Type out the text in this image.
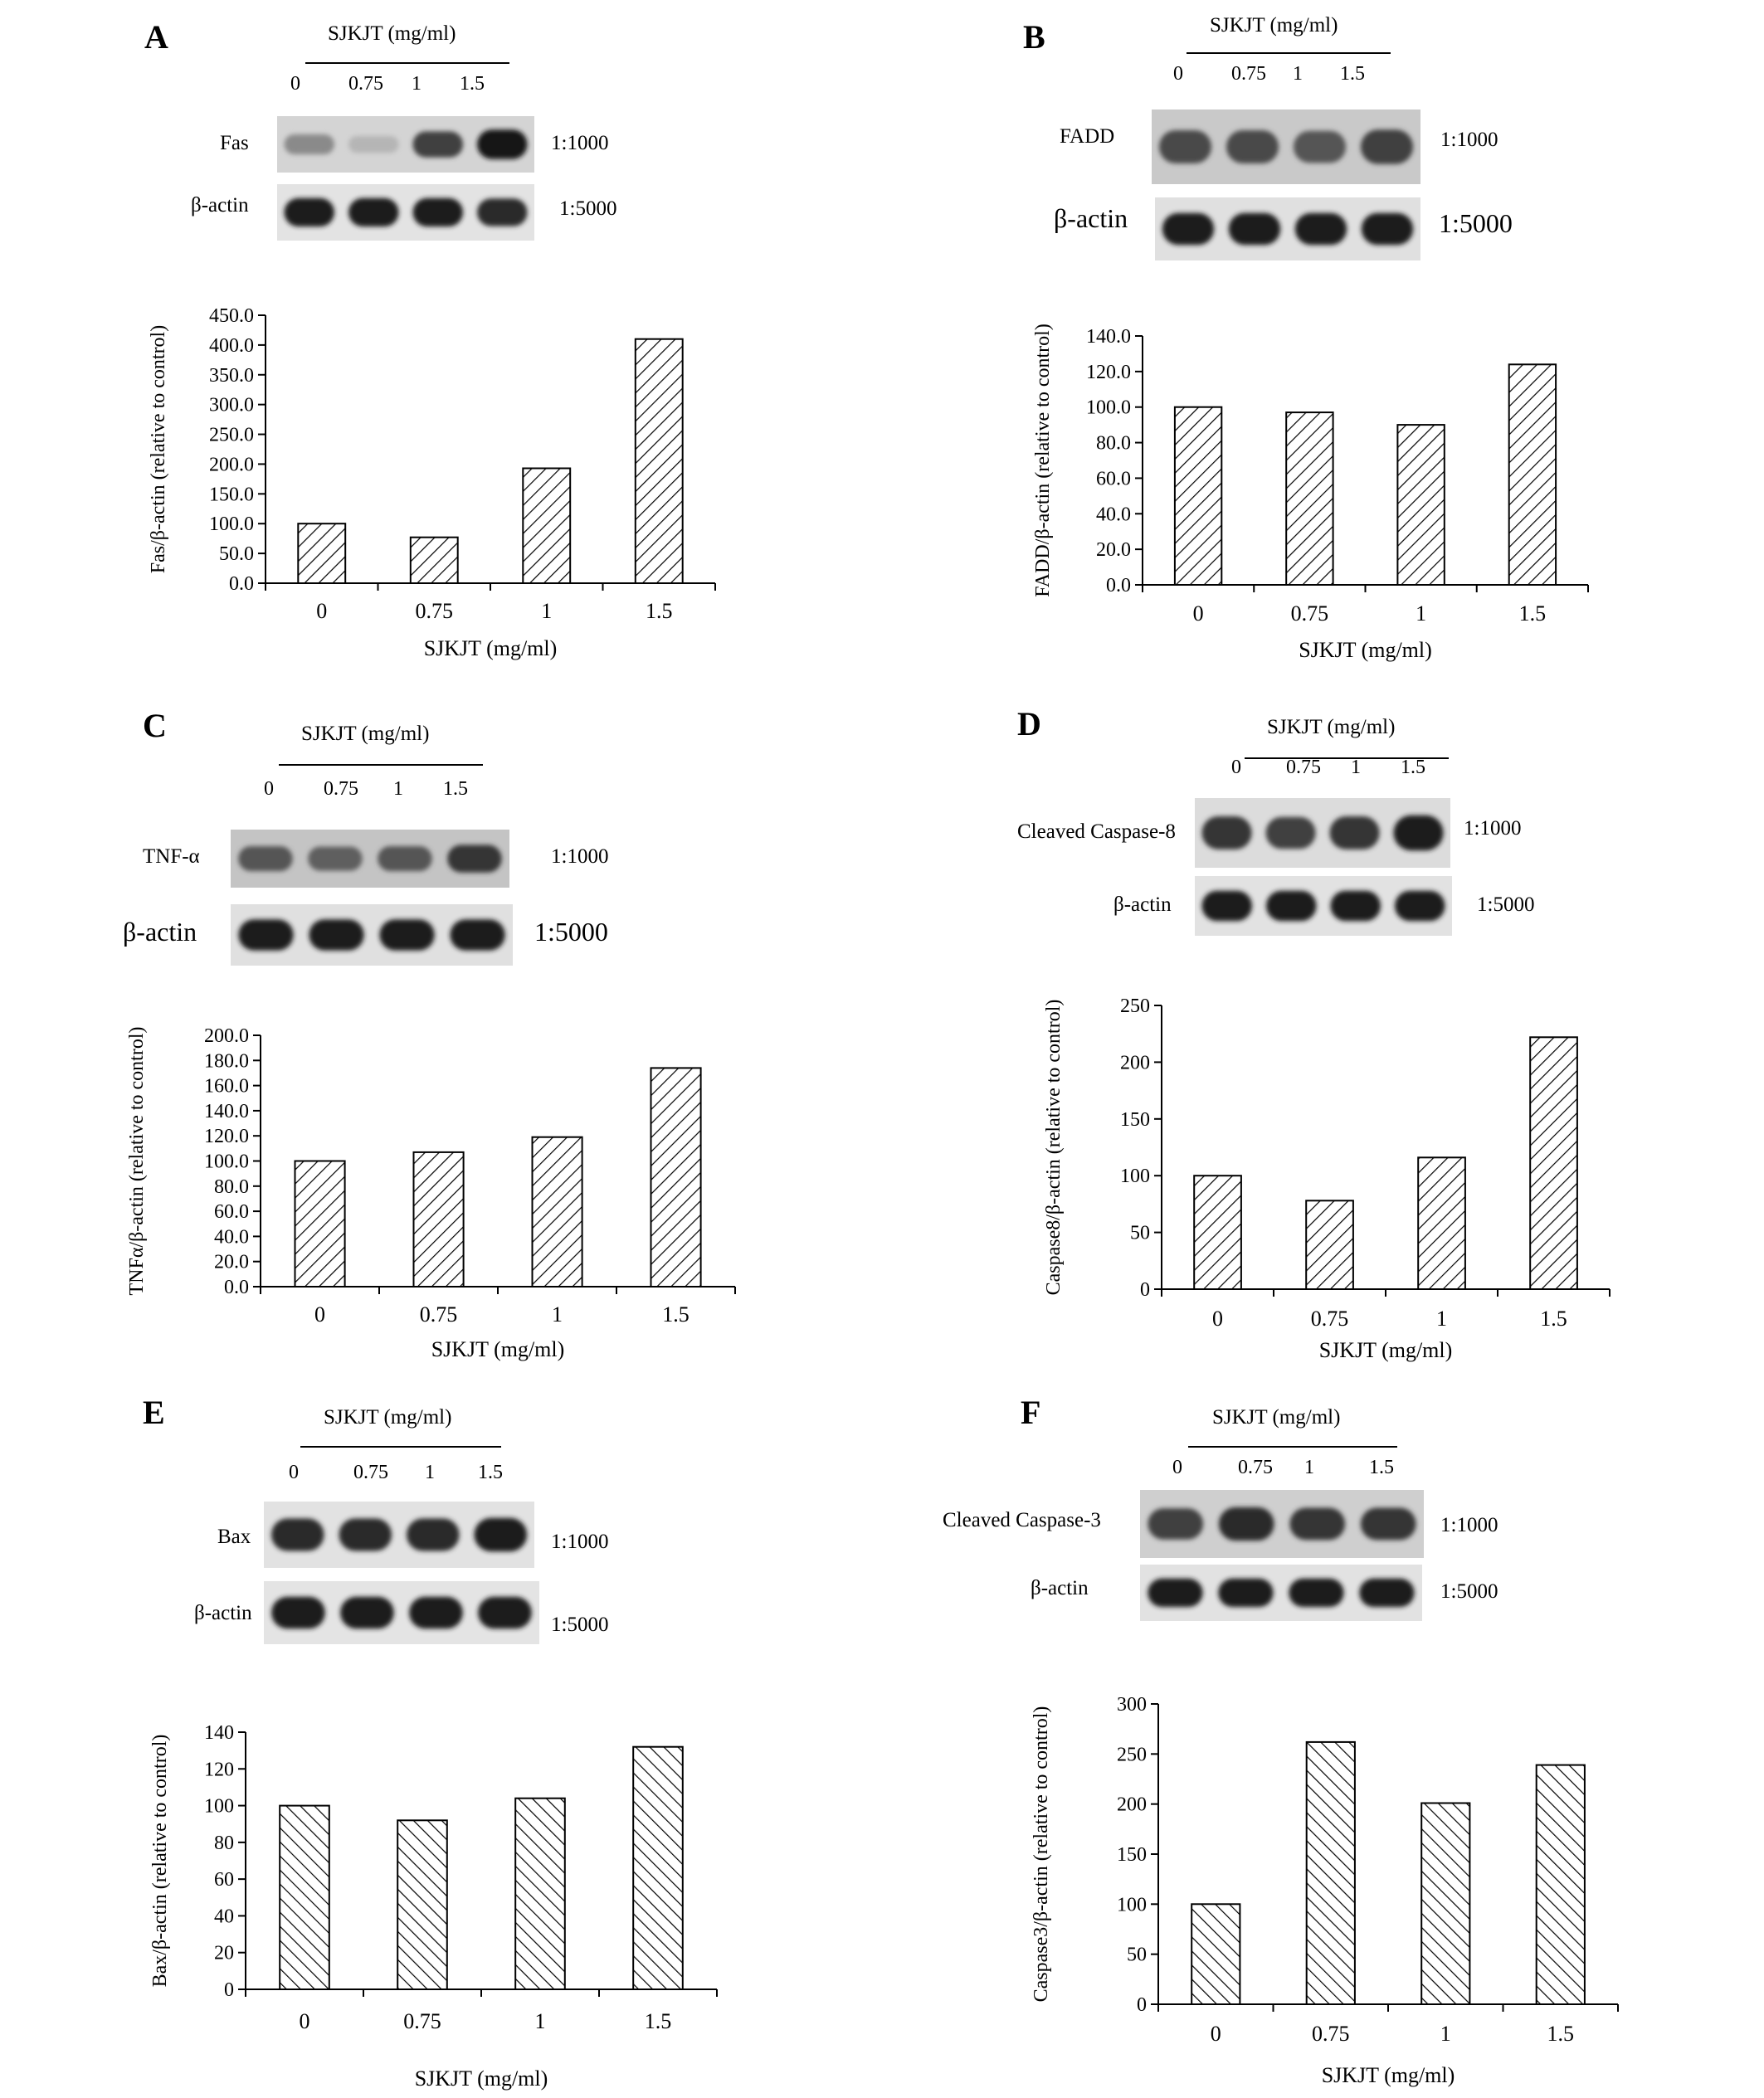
A	SJKJT (mg/ml)
0 0.75 1 1.5
Fas	1:1000
β-actin	1:5000
0.0
50.0
100.0
150.0
200.0
250.0
300.0
350.0
400.0
450.0
0	0.75	1	1.5
SJKJT (mg/ml)
Fas/β-actin (relative to control)
B	SJKJT (mg/ml)
0 0.75 1 1.5
FADD	1:1000
β-actin	1:5000
0.0
20.0
40.0
60.0
80.0
100.0
120.0
140.0
0	0.75	1	1.5
SJKJT (mg/ml)
FADD/β-actin (relative to control)
C	SJKJT (mg/ml)
0	0.75 1 1.5
TNF-α	1:1000
β-actin	1:5000
0.0
20.0
40.0
60.0
80.0
100.0
120.0
140.0
160.0
180.0
200.0
0	0.75	1	1.5
SJKJT (mg/ml)
TNFα/β-actin (relative to control)
D	SJKJT (mg/ml)
0 0.75 1 1.5
Cleaved Caspase-8	1:1000
β-actin	1:5000
0
50
100
150
200
250
0	0.75	1	1.5
SJKJT (mg/ml)
Caspase8/β-actin (relative to control)
E	SJKJT (mg/ml)
0	0.75 1 1.5
Bax	1:1000
β-actin
1:5000
0
20
40
60
80
100
120
140
0	0.75	1	1.5
SJKJT (mg/ml)
Bax/β-actin (relative to control)
F	SJKJT (mg/ml)
0	0.75 1	1.5
Cleaved Caspase-3	1:1000
β-actin	1:5000
0
50
100
150
200
250
300
0	0.75	1	1.5
SJKJT (mg/ml)
Caspase3/β-actin (relative to control)
